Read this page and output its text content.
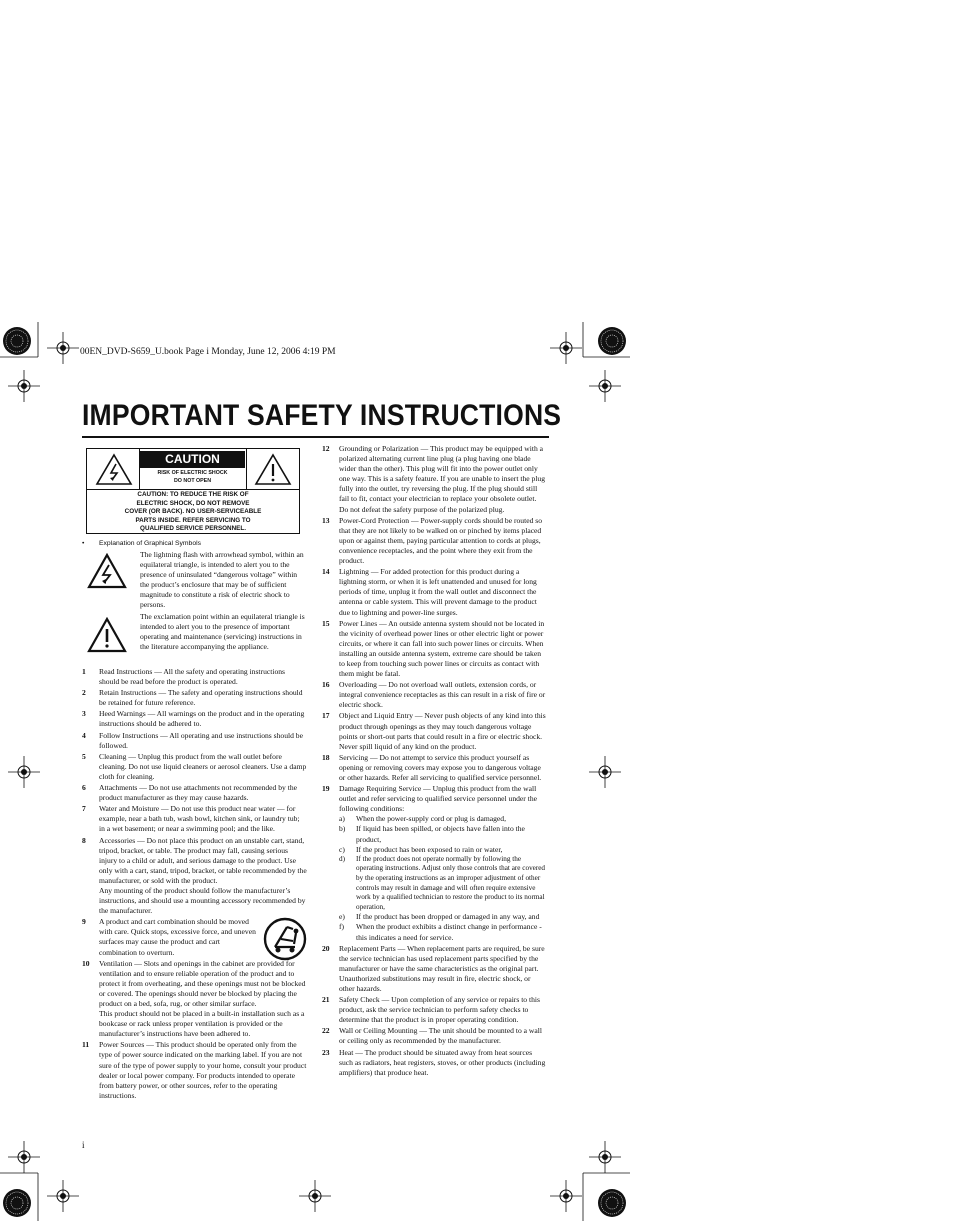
00EN_DVD-S659_U.book Page i Monday, June 12, 2006 4:19 PM
IMPORTANT SAFETY INSTRUCTIONS
CAUTION
RISK OF ELECTRIC SHOCK
DO NOT OPEN
CAUTION: TO REDUCE THE RISK OF
ELECTRIC SHOCK, DO NOT REMOVE
COVER (OR BACK). NO USER-SERVICEABLE
PARTS INSIDE. REFER SERVICING TO
QUALIFIED SERVICE PERSONNEL.
• Explanation of Graphical Symbols
The lightning flash with arrowhead symbol, within an equilateral triangle, is intended to alert you to the presence of uninsulated “dangerous voltage” within the product’s enclosure that may be of sufficient magnitude to constitute a risk of electric shock to persons.
The exclamation point within an equilateral triangle is intended to alert you to the presence of important operating and maintenance (servicing) instructions in the literature accompanying the appliance.
1 Read Instructions — All the safety and operating instructions should be read before the product is operated.

2 Retain Instructions — The safety and operating instructions should be retained for future reference.

3 Heed Warnings — All warnings on the product and in the operating instructions should be adhered to.

4 Follow Instructions — All operating and use instructions should be followed.

5 Cleaning — Unplug this product from the wall outlet before cleaning. Do not use liquid cleaners or aerosol cleaners. Use a damp cloth for cleaning.

6 Attachments — Do not use attachments not recommended by the product manufacturer as they may cause hazards.

7 Water and Moisture — Do not use this product near water — for example, near a bath tub, wash bowl, kitchen sink, or laundry tub; in a wet basement; or near a swimming pool; and the like.

8 Accessories — Do not place this product on an unstable cart, stand, tripod, bracket, or table. The product may fall, causing serious injury to a child or adult, and serious damage to the product. Use only with a cart, stand, tripod, bracket, or table recommended by the manufacturer, or sold with the product.

Any mounting of the product should follow the manufacturer’s instructions, and should use a mounting accessory recommended by the manufacturer.

9 A product and cart combination should be moved with care. Quick stops, excessive force, and uneven surfaces may cause the product and cart combination to overturn.

10 Ventilation — Slots and openings in the cabinet are provided for ventilation and to ensure reliable operation of the product and to protect it from overheating, and these openings must not be blocked or covered. The openings should never be blocked by placing the product on a bed, sofa, rug, or other similar surface.

This product should not be placed in a built-in installation such as a bookcase or rack unless proper ventilation is provided or the manufacturer’s instructions have been adhered to.

11 Power Sources — This product should be operated only from the type of power source indicated on the marking label. If you are not sure of the type of power supply to your home, consult your product dealer or local power company. For products intended to operate from battery power, or other sources, refer to the operating instructions.

12 Grounding or Polarization — This product may be equipped with a polarized alternating current line plug (a plug having one blade wider than the other). This plug will fit into the power outlet only one way. This is a safety feature. If you are unable to insert the plug fully into the outlet, try reversing the plug. If the plug should still fail to fit, contact your electrician to replace your obsolete outlet. Do not defeat the safety purpose of the polarized plug.

13 Power-Cord Protection — Power-supply cords should be routed so that they are not likely to be walked on or pinched by items placed upon or against them, paying particular attention to cords at plugs, convenience receptacles, and the point where they exit from the product.

14 Lightning — For added protection for this product during a lightning storm, or when it is left unattended and unused for long periods of time, unplug it from the wall outlet and disconnect the antenna or cable system. This will prevent damage to the product due to lightning and power-line surges.

15 Power Lines — An outside antenna system should not be located in the vicinity of overhead power lines or other electric light or power circuits, or where it can fall into such power lines or circuits. When installing an outside antenna system, extreme care should be taken to keep from touching such power lines or circuits as contact with them might be fatal.

16 Overloading — Do not overload wall outlets, extension cords, or integral convenience receptacles as this can result in a risk of fire or electric shock.

17 Object and Liquid Entry — Never push objects of any kind into this product through openings as they may touch dangerous voltage points or short-out parts that could result in a fire or electric shock. Never spill liquid of any kind on the product.

18 Servicing — Do not attempt to service this product yourself as opening or removing covers may expose you to dangerous voltage or other hazards. Refer all servicing to qualified service personnel.

19 Damage Requiring Service — Unplug this product from the wall outlet and refer servicing to qualified service personnel under the following conditions:

a) When the power-supply cord or plug is damaged,

b) If liquid has been spilled, or objects have fallen into the product,

c) If the product has been exposed to rain or water,

d) If the product does not operate normally by following the operating instructions. Adjust only those controls that are covered by the operating instructions as an improper adjustment of other controls may result in damage and will often require extensive work by a qualified technician to restore the product to its normal operation,

e) If the product has been dropped or damaged in any way, and

f) When the product exhibits a distinct change in performance - this indicates a need for service.

20 Replacement Parts — When replacement parts are required, be sure the service technician has used replacement parts specified by the manufacturer or have the same characteristics as the original part. Unauthorized substitutions may result in fire, electric shock, or other hazards.

21 Safety Check — Upon completion of any service or repairs to this product, ask the service technician to perform safety checks to determine that the product is in proper operating condition.

22 Wall or Ceiling Mounting — The unit should be mounted to a wall or ceiling only as recommended by the manufacturer.

23 Heat — The product should be situated away from heat sources such as radiators, heat registers, stoves, or other products (including amplifiers) that produce heat.

i
